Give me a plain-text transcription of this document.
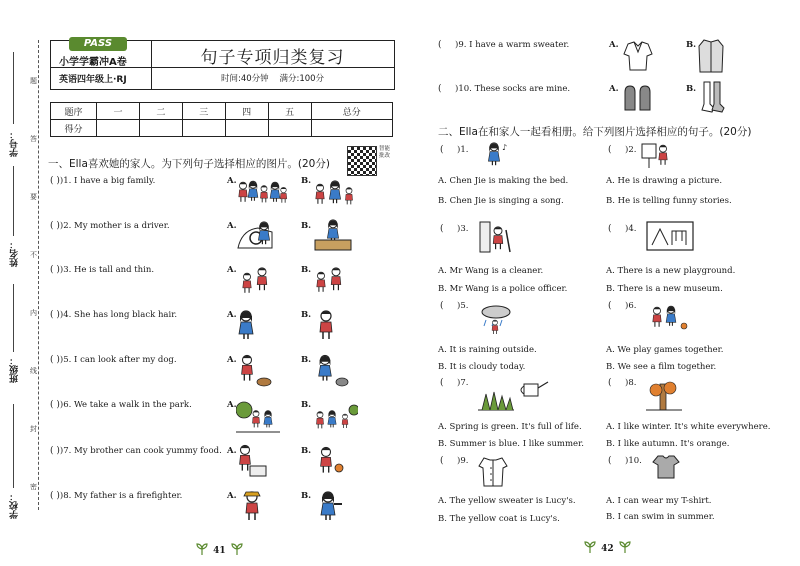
学号：
姓名：
班级：
学校：
题
答
要
不
内
线
封
密
PASS
小学学霸冲A卷
英语四年级上·RJ
句子专项归类复习
时间:40分钟 满分:100分
题序	一	二	三	四	五	总分
得分						
一、Ella喜欢她的家人。为下列句子选择相应的图片。(20分)
智能批改
( ))1. I have a big family.	A.	B.
( ))2. My mother is a driver.	A.	B.
( ))3. He is tall and thin.	A.	B.
( ))4. She has long black hair.	A.	B.
( ))5. I can look after my dog.	A.	B.
( ))6. We take a walk in the park.	A.	B.
( ))7. My brother can cook yummy food. A.	B.
( ))8. My father is a firefighter.	A.	B.
41
( )9. I have a warm sweater.	A.	B.
( )10. These socks are mine.	A.	B.
二、Ella在和家人一起看相册。给下列图片选择相应的句子。(20分)
( )1.	♪
A. Chen Jie is making the bed.
B. Chen Jie is singing a song.
( )2.
A. He is drawing a picture.
B. He is telling funny stories.
( )3.
A. Mr Wang is a cleaner.
B. Mr Wang is a police officer.
( )4.
A. There is a new playground.
B. There is a new museum.
( )5.
A. It is raining outside.
B. It is cloudy today.
( )6.
A. We play games together.
B. We see a film together.
( )7.
A. Spring is green. It's full of life.
B. Summer is blue. I like summer.
( )8.
A. I like winter. It's white everywhere.
B. I like autumn. It's orange.
( )9.
A. The yellow sweater is Lucy's.
B. The yellow coat is Lucy's.
( )10.
A. I can wear my T-shirt.
B. I can swim in summer.
42
